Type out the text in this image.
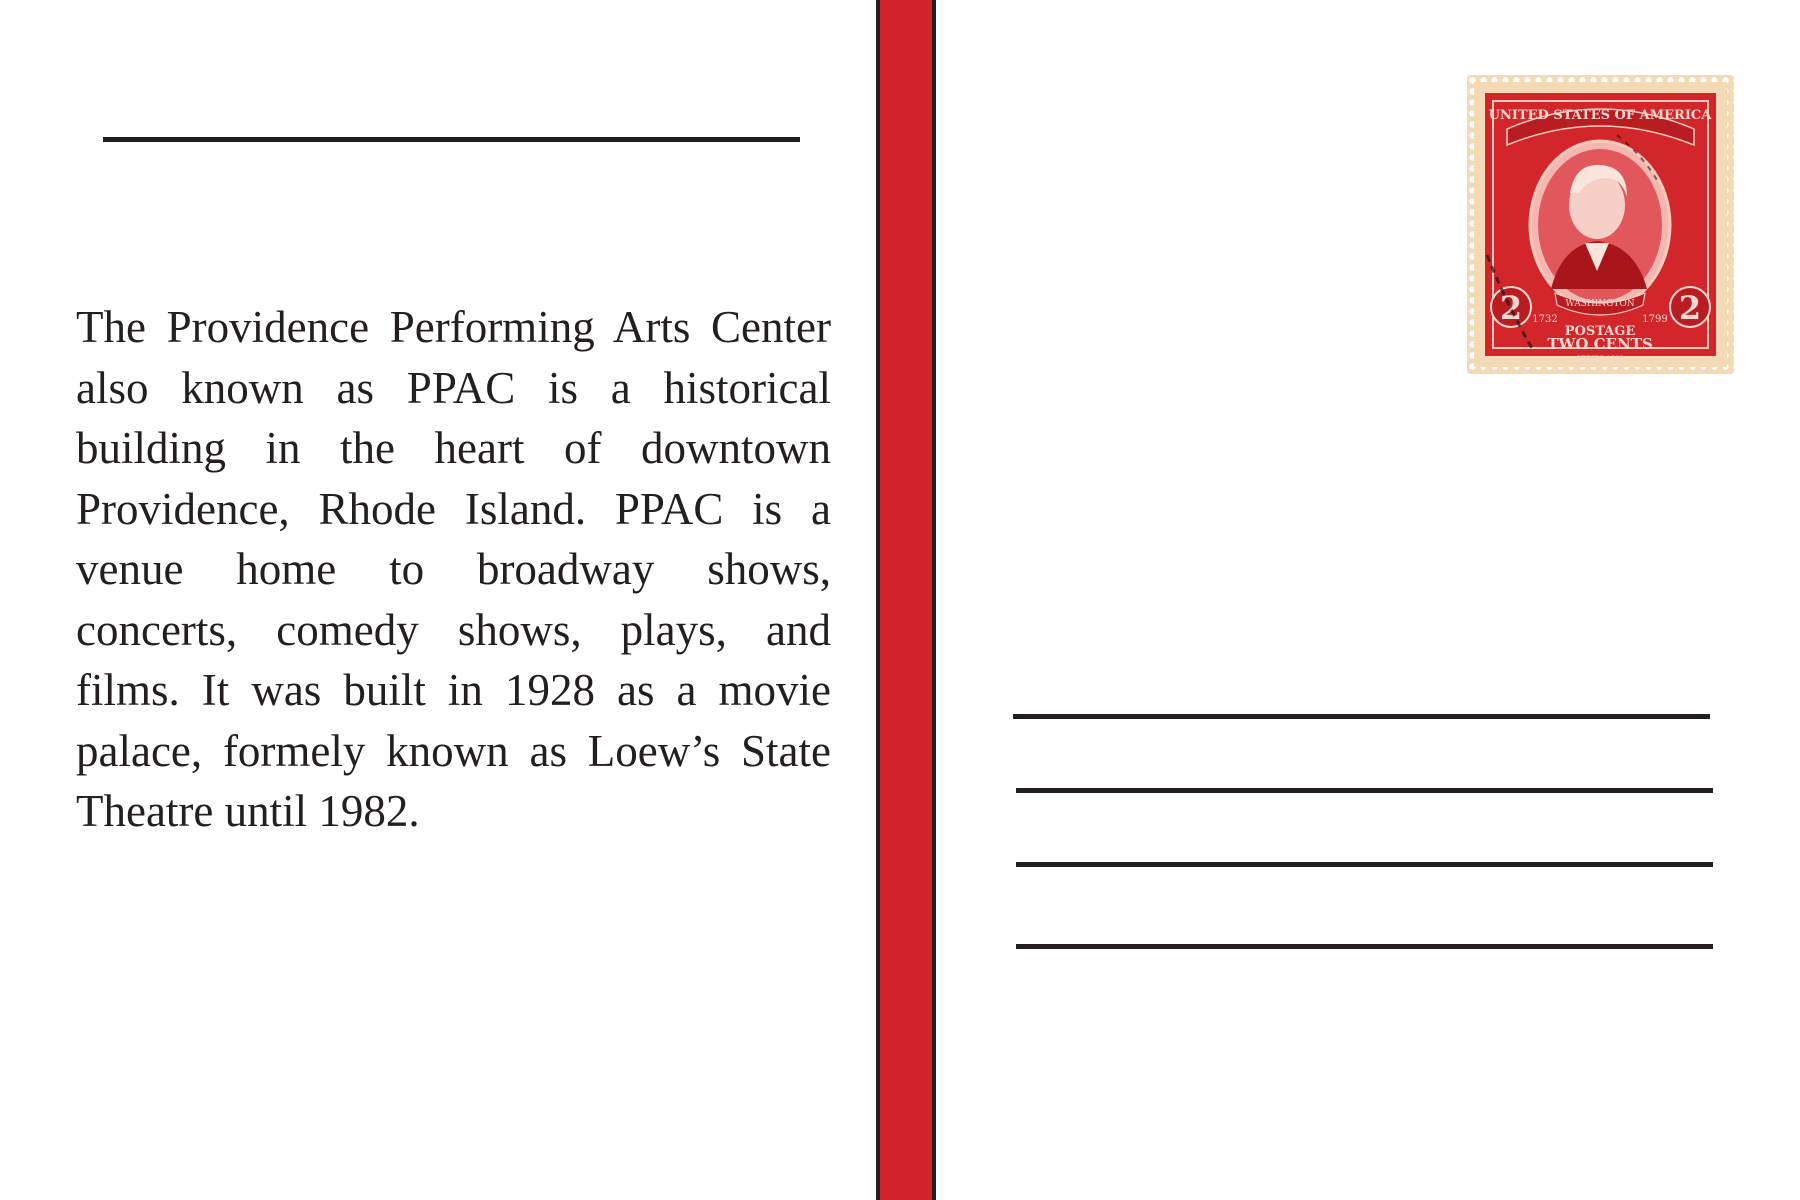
The Providence Performing Arts Center also known as PPAC is a historical building in the heart of downtown Providence, Rhode Island. PPAC is a venue home to broadway shows, concerts, comedy shows, plays, and films. It was built in 1928 as a movie palace, formely known as Loew’s State Theatre until 1982.

UNITED STATES OF AMERICA
WASHINGTON
2	2
1732	1799
POSTAGE
TWO CENTS
SERIES 1902
